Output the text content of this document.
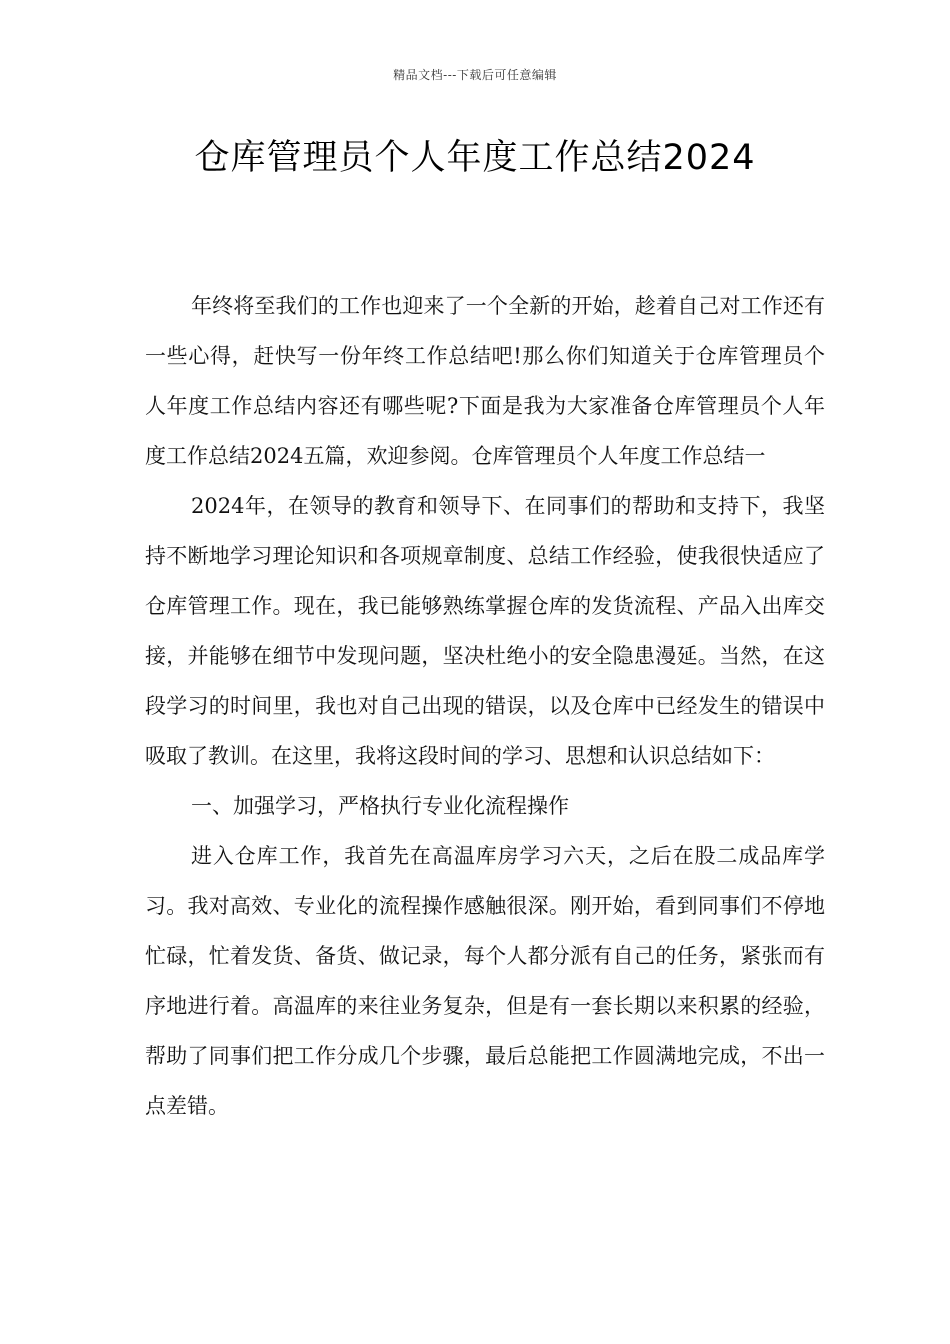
精品文档---下载后可任意编辑
仓库管理员个人年度工作总结2024

年终将至我们的工作也迎来了一个全新的开始，趁着自己对工作还有一些心得，赶快写一份年终工作总结吧!那么你们知道关于仓库管理员个人年度工作总结内容还有哪些呢?下面是我为大家准备仓库管理员个人年度工作总结2024五篇，欢迎参阅。仓库管理员个人年度工作总结一

2024年，在领导的教育和领导下、在同事们的帮助和支持下，我坚持不断地学习理论知识和各项规章制度、总结工作经验，使我很快适应了仓库管理工作。现在，我已能够熟练掌握仓库的发货流程、产品入出库交接，并能够在细节中发现问题，坚决杜绝小的安全隐患漫延。当然，在这段学习的时间里，我也对自己出现的错误，以及仓库中已经发生的错误中吸取了教训。在这里，我将这段时间的学习、思想和认识总结如下：

一、加强学习，严格执行专业化流程操作

进入仓库工作，我首先在高温库房学习六天，之后在股二成品库学习。我对高效、专业化的流程操作感触很深。刚开始，看到同事们不停地忙碌，忙着发货、备货、做记录，每个人都分派有自己的任务，紧张而有序地进行着。高温库的来往业务复杂，但是有一套长期以来积累的经验，帮助了同事们把工作分成几个步骤，最后总能把工作圆满地完成，不出一点差错。
